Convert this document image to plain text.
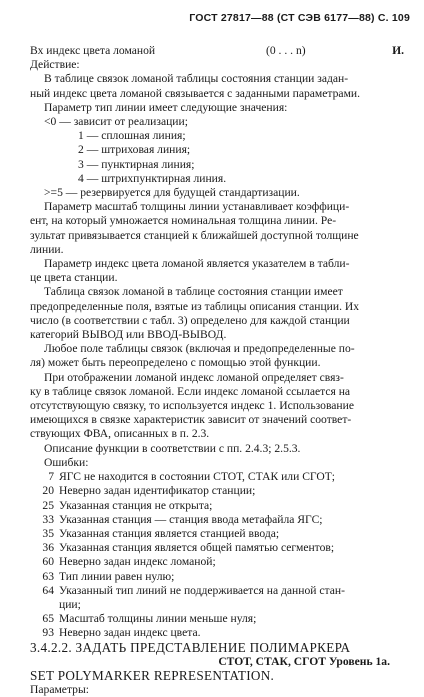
ГОСТ 27817—88 (СТ СЭВ 6177—88) С. 109
Вх индекс цвета ломаной	(0 . . . n)	И.
Действие:
В таблице связок ломаной таблицы состояния станции задан-
ный индекс цвета ломаной связывается с заданными параметрами.
Параметр тип линии имеет следующие значения:
<0 — зависит от реализации;
1 — сплошная линия;
2 — штриховая линия;
3 — пунктирная линия;
4 — штрихпунктирная линия.
>=5 — резервируется для будущей стандартизации.
Параметр масштаб толщины линии устанавливает коэффици-
ент, на который умножается номинальная толщина линии. Ре-
зультат привязывается станцией к ближайшей доступной толщине
линии.
Параметр индекс цвета ломаной является указателем в табли-
це цвета станции.
Таблица связок ломаной в таблице состояния станции имеет
предопределенные поля, взятые из таблицы описания станции. Их
число (в соответствии с табл. 3) определено для каждой станции
категорий ВЫВОД или ВВОД-ВЫВОД.
Любое поле таблицы связок (включая и предопределенные по-
ля) может быть переопределено с помощью этой функции.
При отображении ломаной индекс ломаной определяет связ-
ку в таблице связок ломаной. Если индекс ломаной ссылается на
отсутствующую связку, то используется индекс 1. Использование
имеющихся в связке характеристик зависит от значений соответ-
ствующих ФВА, описанных в п. 2.3.
Описание функции в соответствии с пп. 2.4.3; 2.5.3.
Ошибки:
7 ЯГС не находится в состоянии СТОТ, СТАК или СГОТ;
20 Неверно задан идентификатор станции;
25 Указанная станция не открыта;
33 Указанная станция — станция ввода метафайла ЯГС;
35 Указанная станция является станцией ввода;
36 Указанная станция является общей памятью сегментов;
60 Неверно задан индекс ломаной;
63 Тип линии равен нулю;
64 Указанный тип линий не поддерживается на данной стан-
ции;
65 Масштаб толщины линии меньше нуля;
93 Неверно задан индекс цвета.
3.4.2.2. ЗАДАТЬ ПРЕДСТАВЛЕНИЕ ПОЛИМАРКЕРА
СТОТ, СТАК, СГОТ Уровень 1а.
SET POLYMARKER REPRESENTATION.
Параметры:
